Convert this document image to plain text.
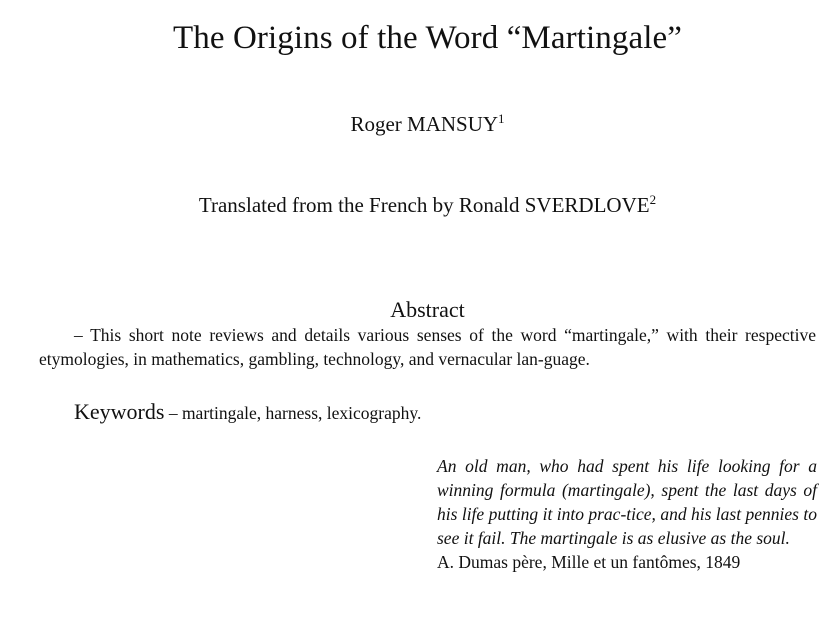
The Origins of the Word “Martingale”
Roger MANSUY$^1$
Translated from the French by Ronald SVERDLOVE$^2$
Abstract
– This short note reviews and details various senses of the word “martingale,” with their respective etymologies, in mathematics, gambling, technology, and vernacular lan-guage.
Keywords – martingale, harness, lexicography.
An old man, who had spent his life looking for a winning formula (martingale), spent the last days of his life putting it into prac-tice, and his last pennies to see it fail. The martingale is as elusive as the soul.
A. Dumas père, Mille et un fantômes, 1849
